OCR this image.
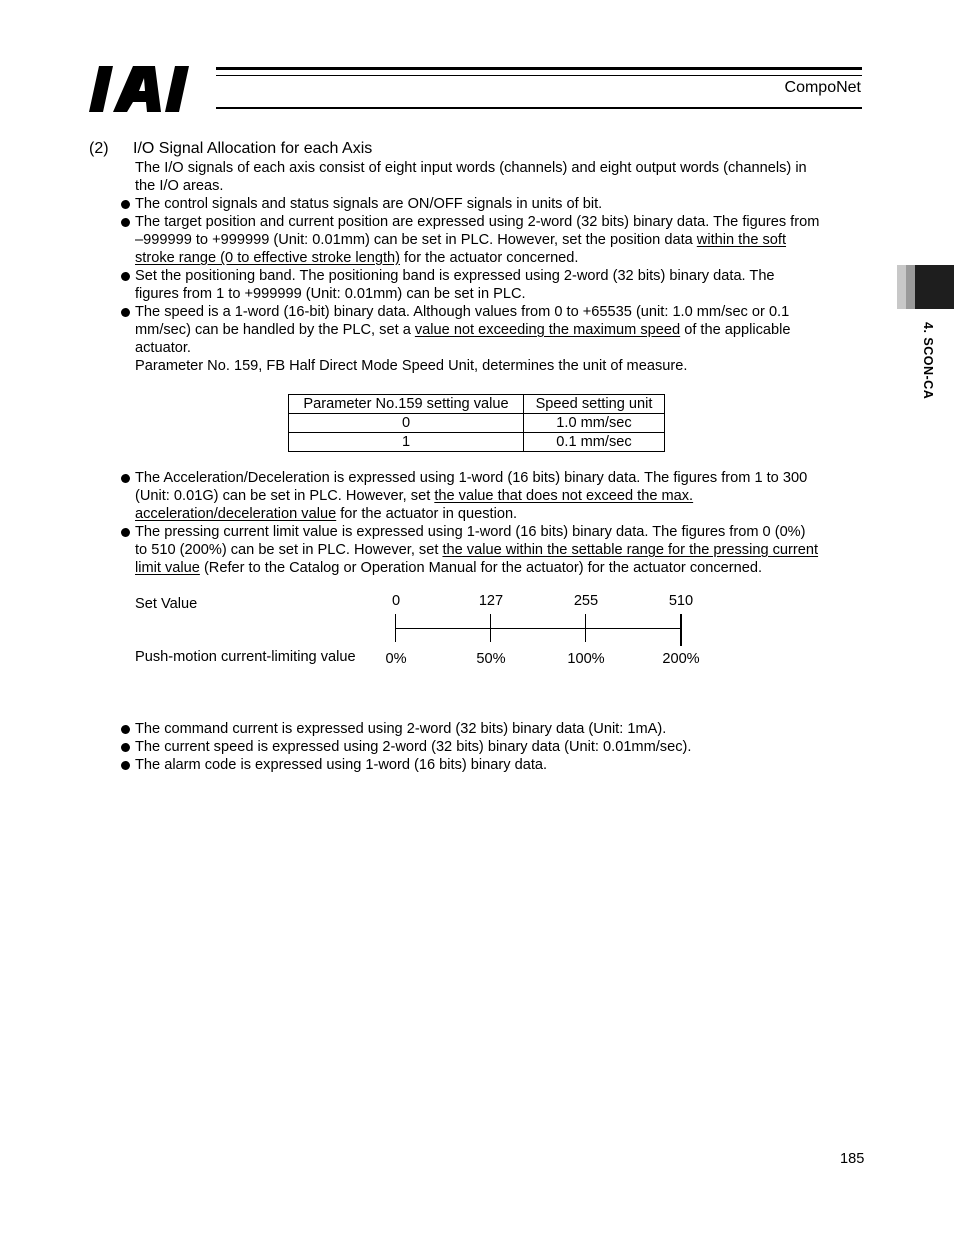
CompoNet
4. SCON-CA
(2) I/O Signal Allocation for each Axis
The I/O signals of each axis consist of eight input words (channels) and eight output words (channels) in
the I/O areas.
The control signals and status signals are ON/OFF signals in units of bit.
The target position and current position are expressed using 2-word (32 bits) binary data. The figures from
–999999 to +999999 (Unit: 0.01mm) can be set in PLC. However, set the position data within the soft
stroke range (0 to effective stroke length) for the actuator concerned.
Set the positioning band. The positioning band is expressed using 2-word (32 bits) binary data. The
figures from 1 to +999999 (Unit: 0.01mm) can be set in PLC.
The speed is a 1-word (16-bit) binary data. Although values from 0 to +65535 (unit: 1.0 mm/sec or 0.1
mm/sec) can be handled by the PLC, set a value not exceeding the maximum speed of the applicable
actuator.
Parameter No. 159, FB Half Direct Mode Speed Unit, determines the unit of measure.
Parameter No.159 setting value	Speed setting unit
0	1.0 mm/sec
1	0.1 mm/sec
The Acceleration/Deceleration is expressed using 1-word (16 bits) binary data. The figures from 1 to 300
(Unit: 0.01G) can be set in PLC. However, set the value that does not exceed the max.
acceleration/deceleration value for the actuator in question.
The pressing current limit value is expressed using 1-word (16 bits) binary data. The figures from 0 (0%)
to 510 (200%) can be set in PLC. However, set the value within the settable range for the pressing current
limit value (Refer to the Catalog or Operation Manual for the actuator) for the actuator concerned.
Set Value
Push-motion current-limiting value
0	127	255	510
0%	50%	100%	200%
The command current is expressed using 2-word (32 bits) binary data (Unit: 1mA).
The current speed is expressed using 2-word (32 bits) binary data (Unit: 0.01mm/sec).
The alarm code is expressed using 1-word (16 bits) binary data.
185
